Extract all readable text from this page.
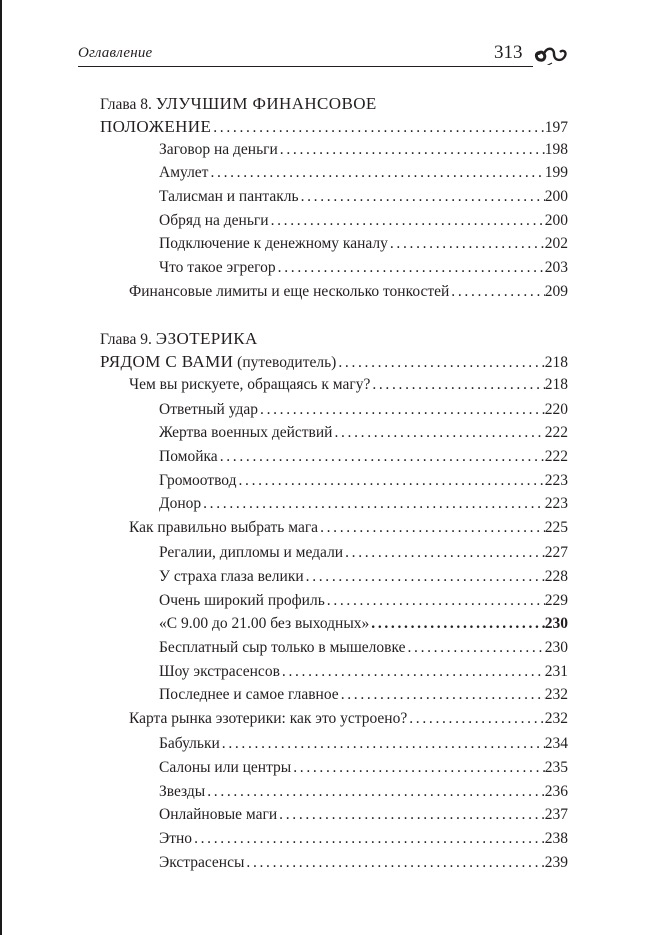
Оглавление	313
Глава 8. УЛУЧШИМ ФИНАНСОВОЕ
ПОЛОЖЕНИЕ . . .	197
Заговор на деньги . . .	198
Амулет . . .	199
Талисман и пантакль . . .	200
Обряд на деньги . . .	200
Подключение к денежному каналу . . .	202
Что такое эгрегор . . .	203
Финансовые лимиты и еще несколько тонкостей . . .	209
Глава 9. ЭЗОТЕРИКА
РЯДОМ С ВАМИ (путеводитель) . . .	218
Чем вы рискуете, обращаясь к магу? . . .	218
Ответный удар . . .	220
Жертва военных действий . . .	222
Помойка . . .	222
Громоотвод . . .	223
Донор . . .	223
Как правильно выбрать мага . . .	225
Регалии, дипломы и медали . . .	227
У страха глаза велики . . .	228
Очень широкий профиль . . .	229
«С 9.00 до 21.00 без выходных» . . .	230
Бесплатный сыр только в мышеловке . . .	230
Шоу экстрасенсов . . .	231
Последнее и самое главное . . .	232
Карта рынка эзотерики: как это устроено? . . .	232
Бабульки . . .	234
Салоны или центры . . .	235
Звезды . . .	236
Онлайновые маги . . .	237
Этно . . .	238
Экстрасенсы . . .	239
